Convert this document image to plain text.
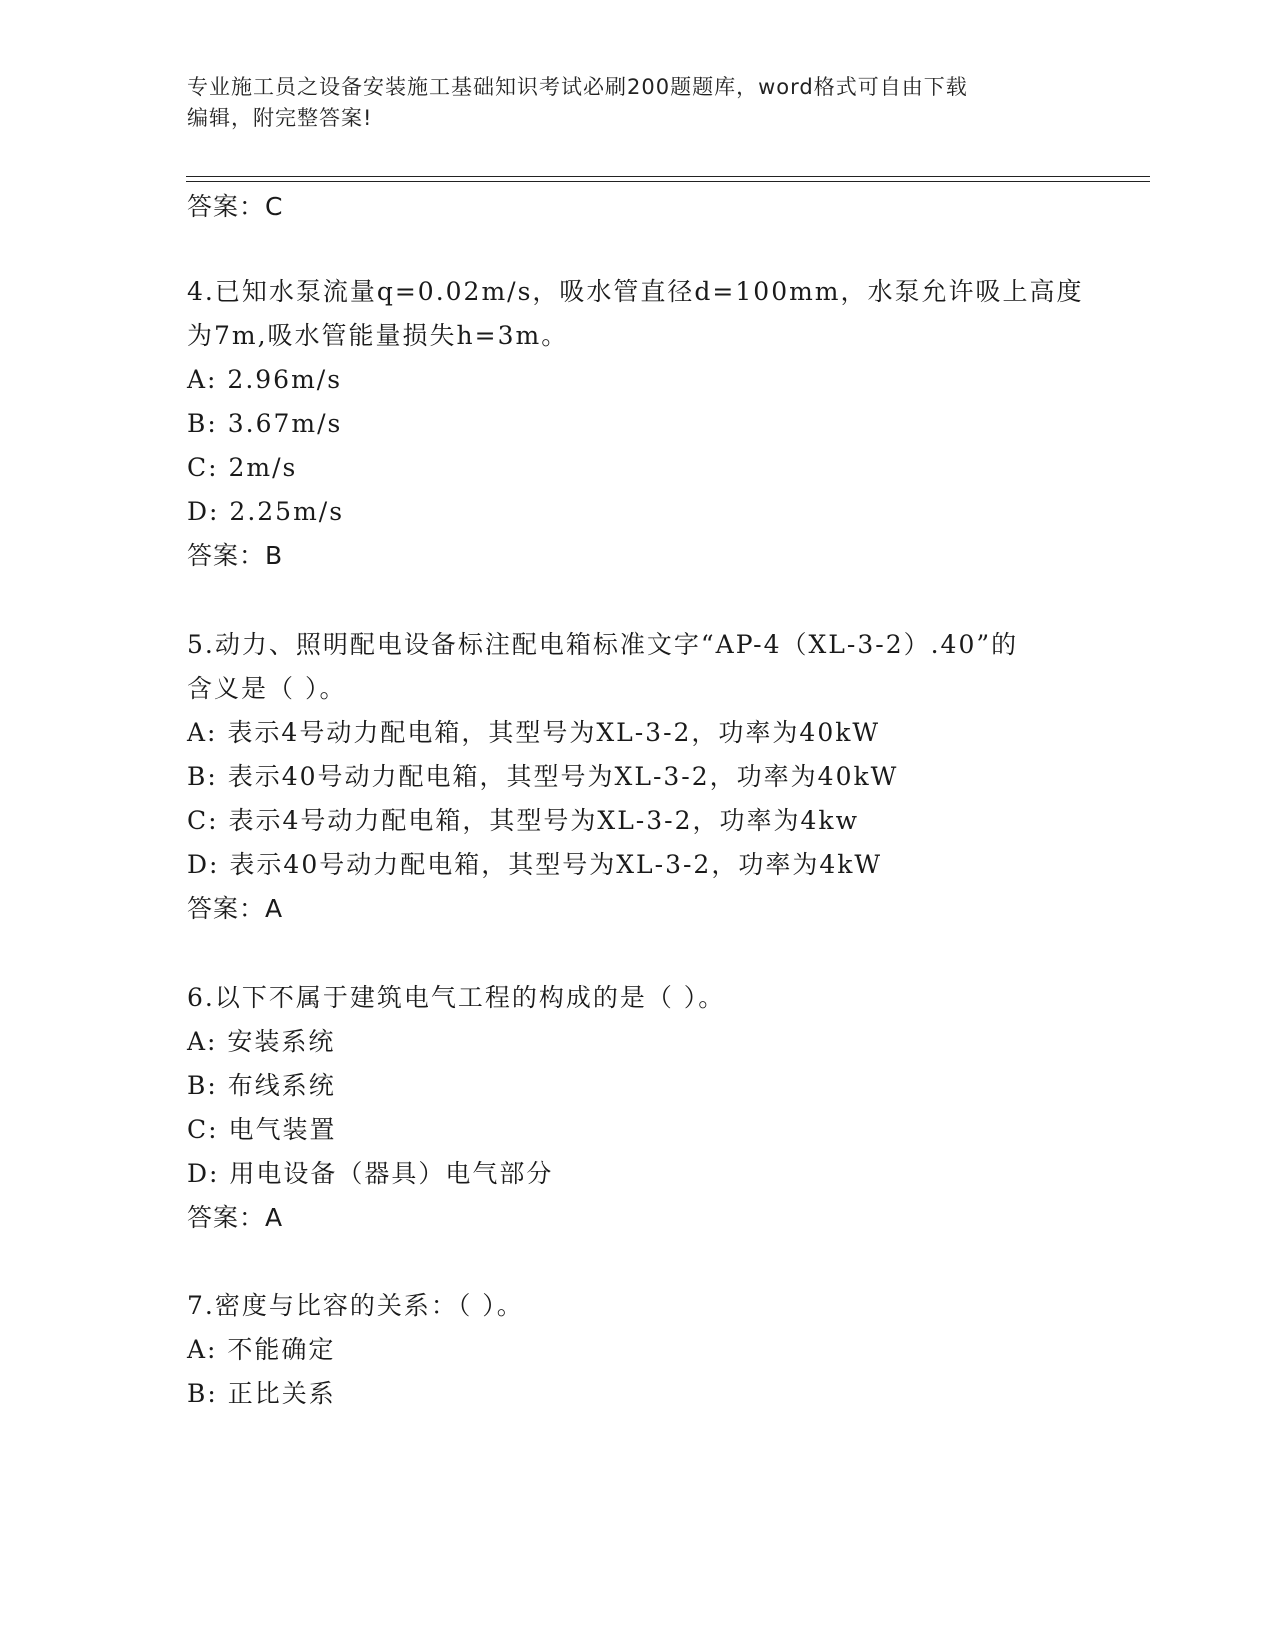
专业施工员之设备安装施工基础知识考试必刷200题题库，word格式可自由下载
编辑，附完整答案!
答案：C
4.已知水泵流量q=0.02m/s，吸水管直径d=100mm，水泵允许吸上高度
为7m,吸水管能量损失h=3m。
A: 2.96m/s
B: 3.67m/s
C: 2m/s
D: 2.25m/s
答案：B
5.动力、照明配电设备标注配电箱标准文字“AP-4（XL-3-2）.40”的
含义是（ ）。
A: 表示4号动力配电箱，其型号为XL-3-2，功率为40kW
B: 表示40号动力配电箱，其型号为XL-3-2，功率为40kW
C: 表示4号动力配电箱，其型号为XL-3-2，功率为4kw
D: 表示40号动力配电箱，其型号为XL-3-2，功率为4kW
答案：A
6.以下不属于建筑电气工程的构成的是（ ）。
A: 安装系统
B: 布线系统
C: 电气装置
D: 用电设备（器具）电气部分
答案：A
7.密度与比容的关系：（ ）。
A: 不能确定
B: 正比关系
